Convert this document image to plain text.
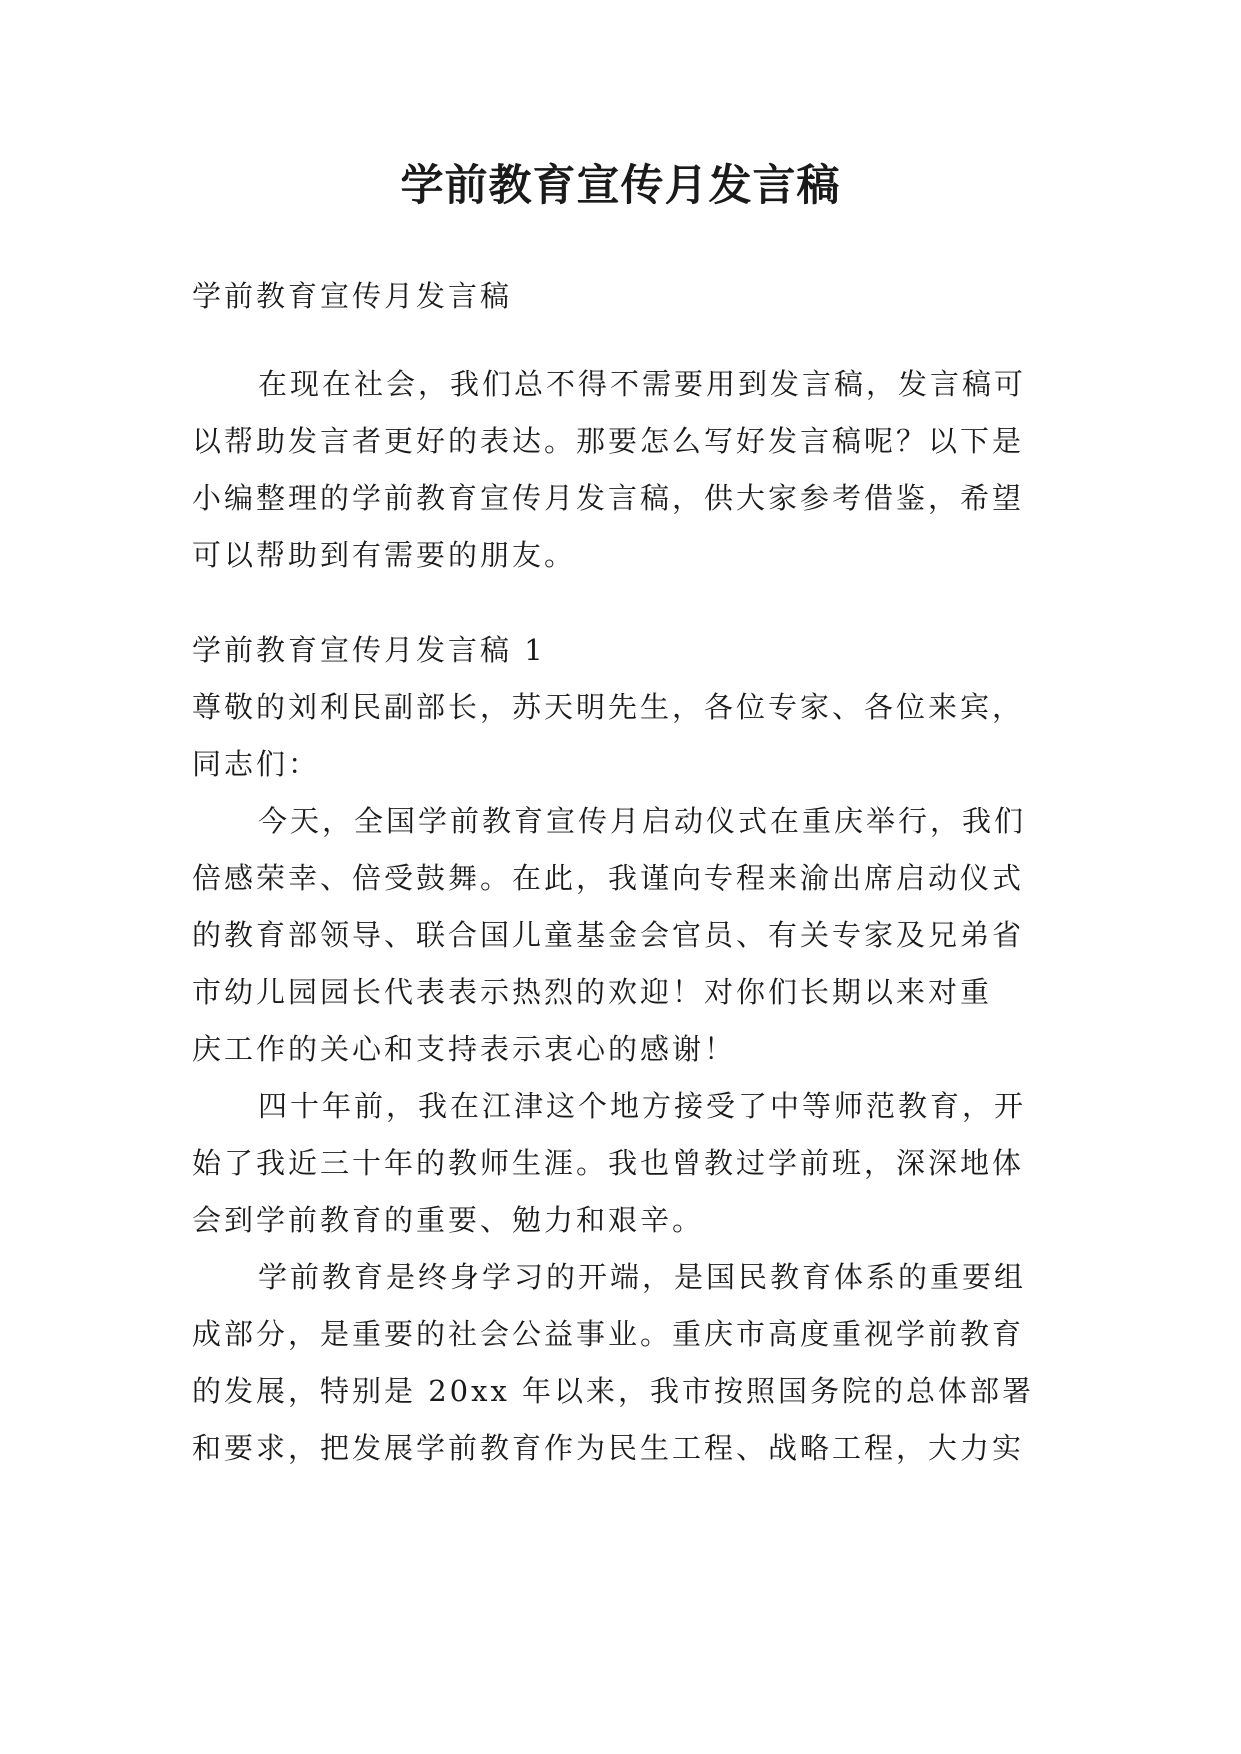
学前教育宣传月发言稿
学前教育宣传月发言稿
在现在社会，我们总不得不需要用到发言稿，发言稿可
以帮助发言者更好的表达。那要怎么写好发言稿呢？以下是
小编整理的学前教育宣传月发言稿，供大家参考借鉴，希望
可以帮助到有需要的朋友。
学前教育宣传月发言稿 1
尊敬的刘利民副部长，苏天明先生，各位专家、各位来宾，
同志们：
今天，全国学前教育宣传月启动仪式在重庆举行，我们
倍感荣幸、倍受鼓舞。在此，我谨向专程来渝出席启动仪式
的教育部领导、联合国儿童基金会官员、有关专家及兄弟省
市幼儿园园长代表表示热烈的欢迎！对你们长期以来对重
庆工作的关心和支持表示衷心的感谢！
四十年前，我在江津这个地方接受了中等师范教育，开
始了我近三十年的教师生涯。我也曾教过学前班，深深地体
会到学前教育的重要、勉力和艰辛。
学前教育是终身学习的开端，是国民教育体系的重要组
成部分，是重要的社会公益事业。重庆市高度重视学前教育
的发展，特别是 20xx 年以来，我市按照国务院的总体部署
和要求，把发展学前教育作为民生工程、战略工程，大力实
